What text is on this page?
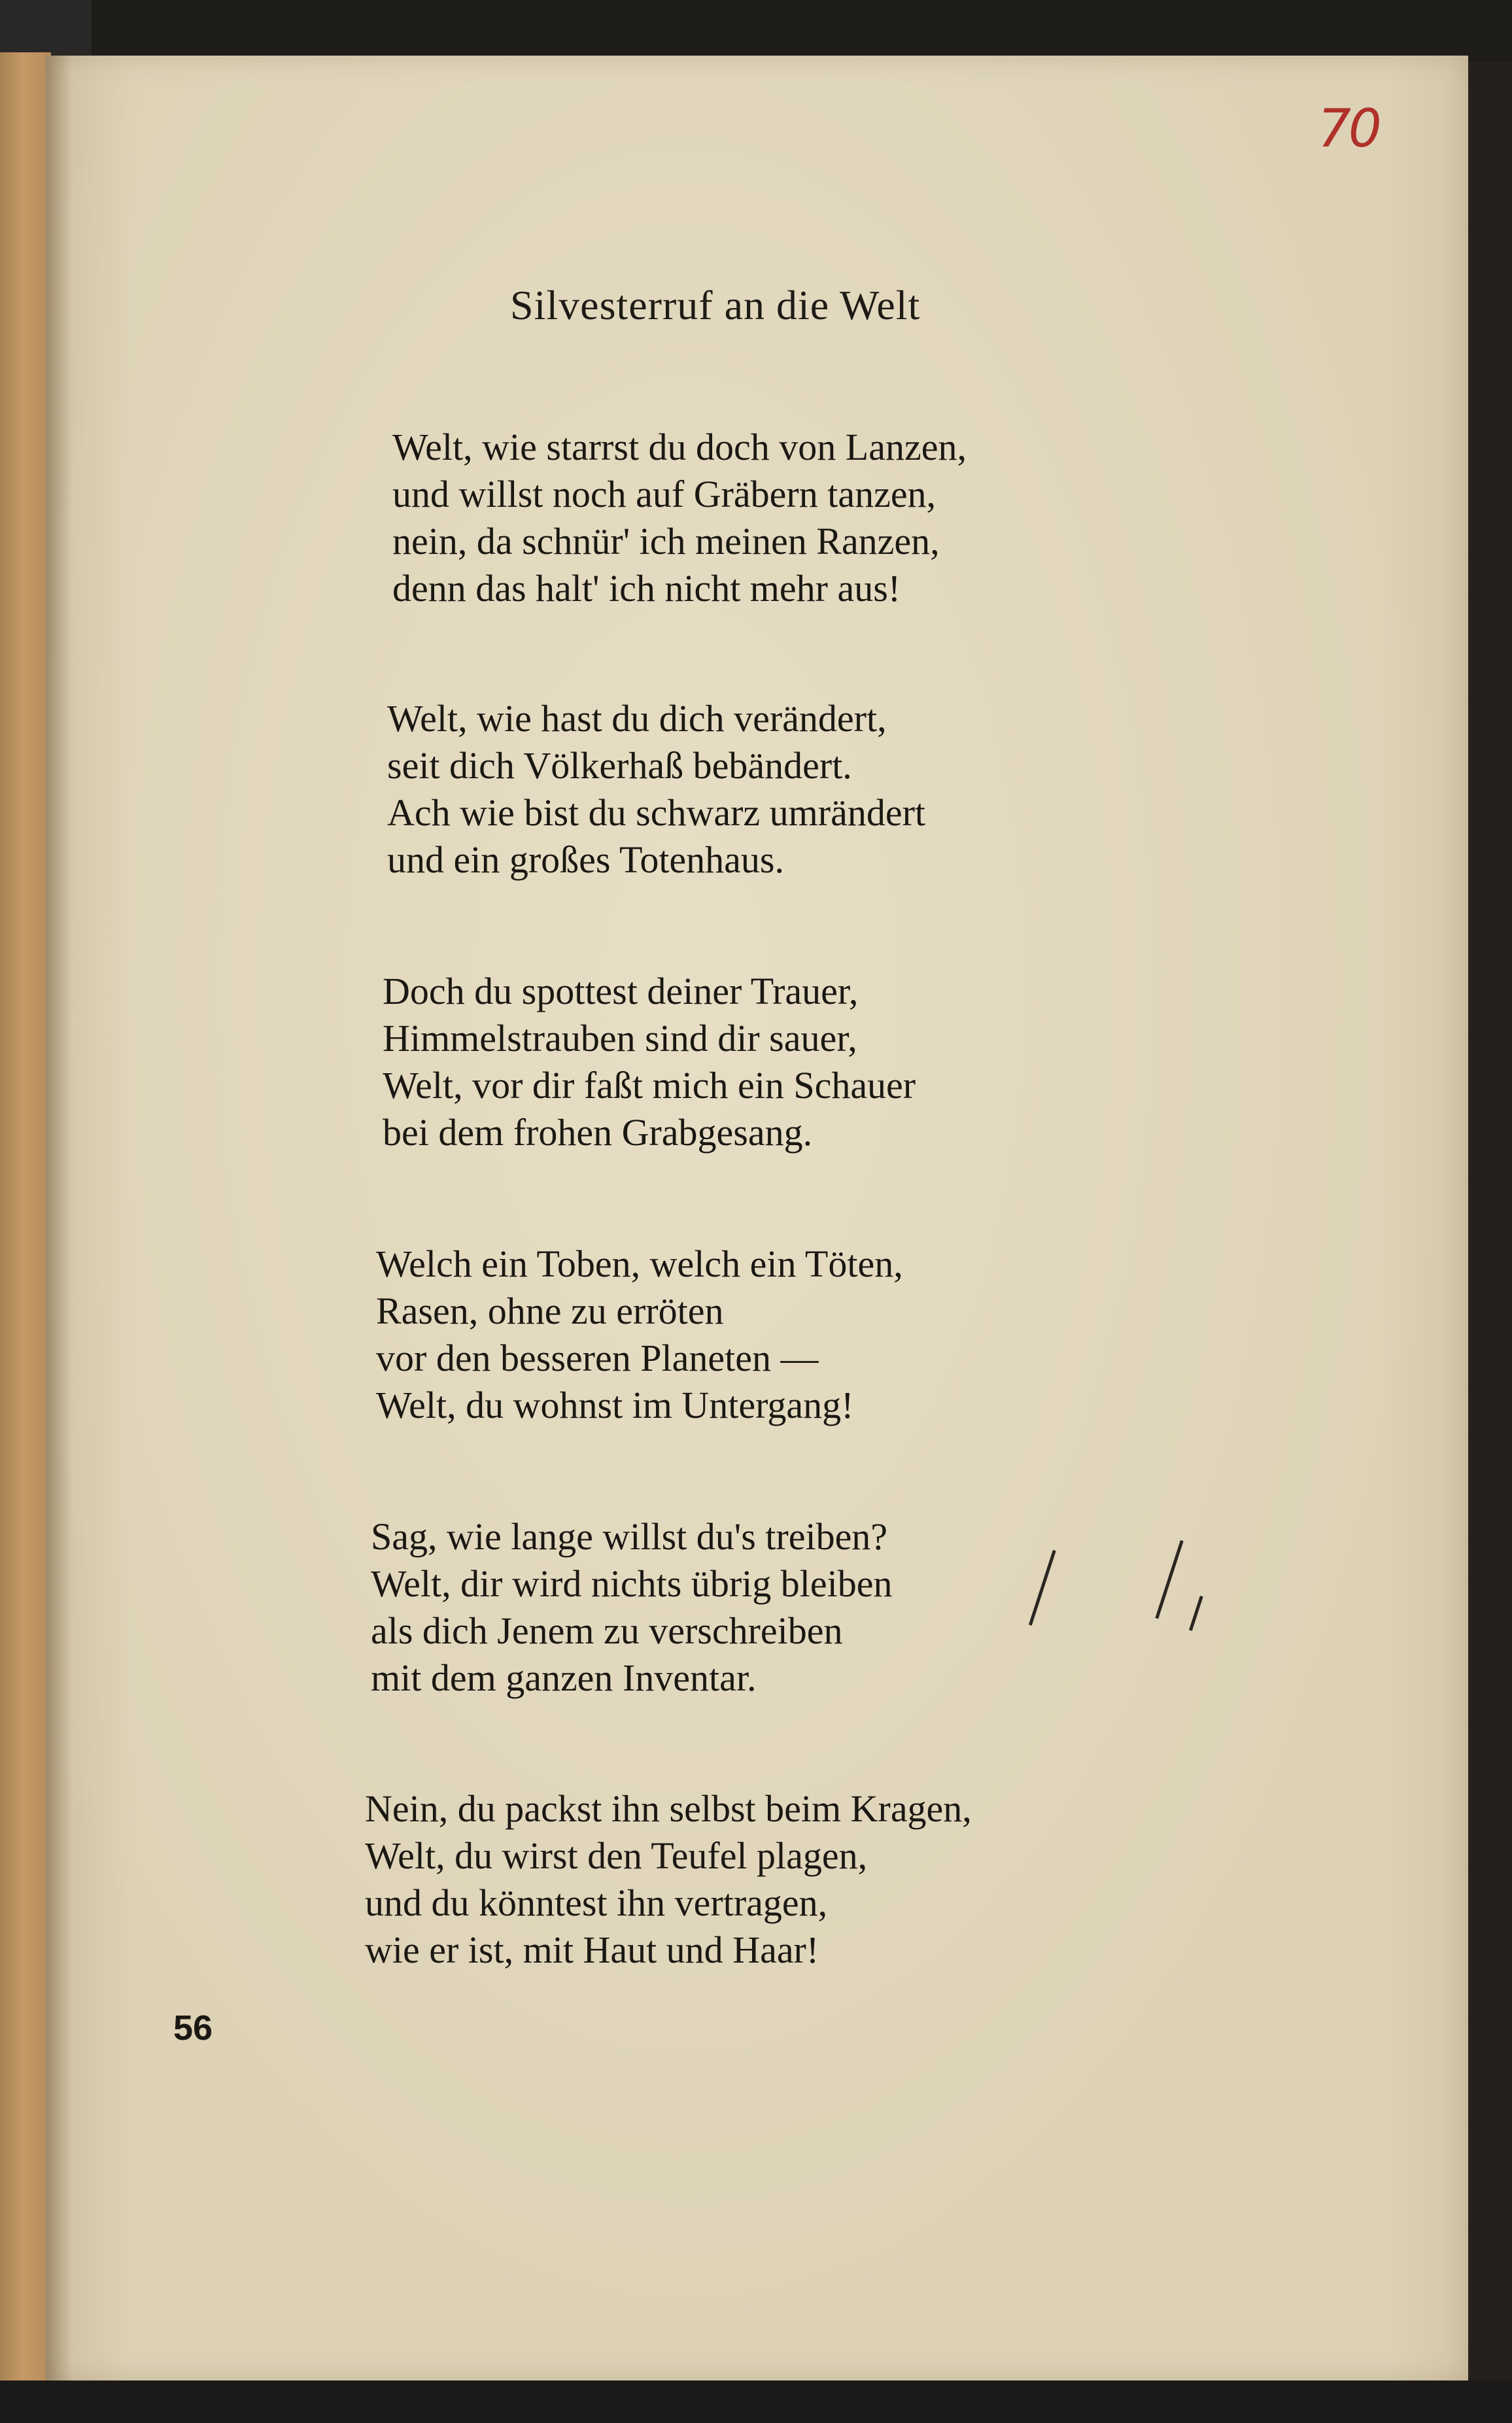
70
Silvesterruf an die Welt

Welt, wie starrst du doch von Lanzen,
und willst noch auf Gräbern tanzen,
nein, da schnür' ich meinen Ranzen,
denn das halt' ich nicht mehr aus!

Welt, wie hast du dich verändert,
seit dich Völkerhaß bebändert.
Ach wie bist du schwarz umrändert
und ein großes Totenhaus.

Doch du spottest deiner Trauer,
Himmelstrauben sind dir sauer,
Welt, vor dir faßt mich ein Schauer
bei dem frohen Grabgesang.

Welch ein Toben, welch ein Töten,
Rasen, ohne zu erröten
vor den besseren Planeten —
Welt, du wohnst im Untergang!

Sag, wie lange willst du's treiben?
Welt, dir wird nichts übrig bleiben
als dich Jenem zu verschreiben
mit dem ganzen Inventar.

Nein, du packst ihn selbst beim Kragen,
Welt, du wirst den Teufel plagen,
und du könntest ihn vertragen,
wie er ist, mit Haut und Haar!

56
